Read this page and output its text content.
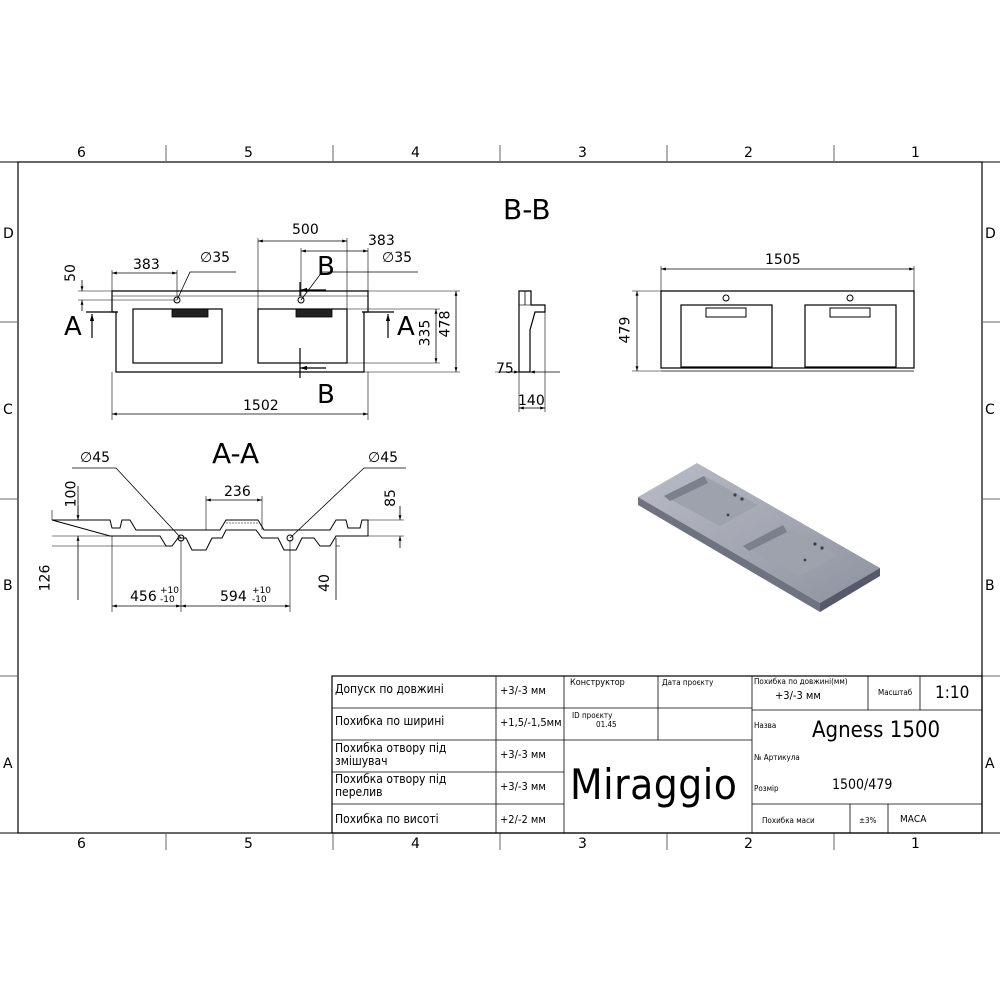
6	5	4	3	2	1
6	5	4	3	2	1
D
C
B
A
D
C
B
A
B-B
A-A
500
383
383
∅35	∅35
50
335 478
1502
A	A
B
B
75
140
1505
479
∅45	∅45
100	236	85
126
456 +10
-10	594 +10
-10
40
Допуск по довжині	+3/-3 мм
Похибка по ширині	+1,5/-1,5мм
Похибка отвору під змішувач	+3/-3 мм
Похибка отвору під перелив	+3/-3 мм
Похибка по висоті	+2/-2 мм
Конструктор	Дата проєкту
ID проєкту
01.45
Miraggio
Похибка по довжині(мм)
+3/-3 мм	Масштаб 1:10
Назва Agness 1500
№ Артикула
Розмір	1500/479
Похибка маси	±3% МАСА
